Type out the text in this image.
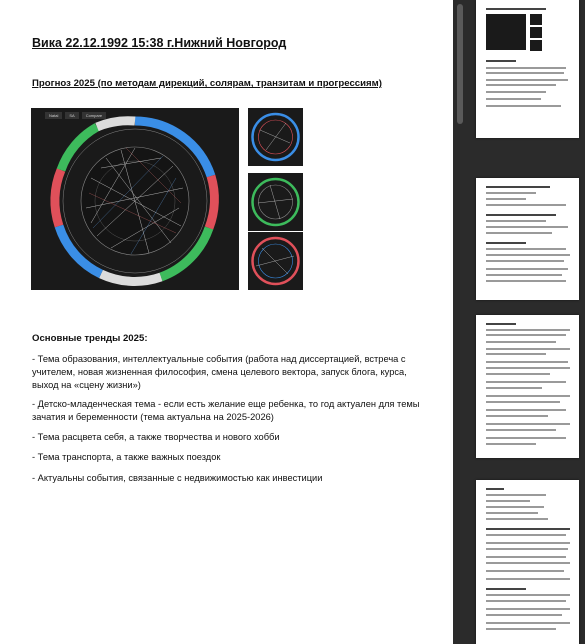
Вика 22.12.1992 15:38 г.Нижний Новгород
Прогноз 2025 (по методам дирекций, солярам, транзитам и прогрессиям)
Natal	SA	Compare
Основные тренды 2025:
- Тема образования, интеллектуальные события (работа над диссертацией, встреча с учителем, новая жизненная философия, смена целевого вектора, запуск блога, курса, выход на «сцену жизни»)
- Детско-младенческая тема - если есть желание еще ребенка, то год актуален для темы зачатия и беременности (тема актуальна на 2025-2026)
- Тема расцвета себя, а также творчества и нового хобби
- Тема транспорта, а также важных поездок
- Актуальны события, связанные с недвижимостью как инвестиции
